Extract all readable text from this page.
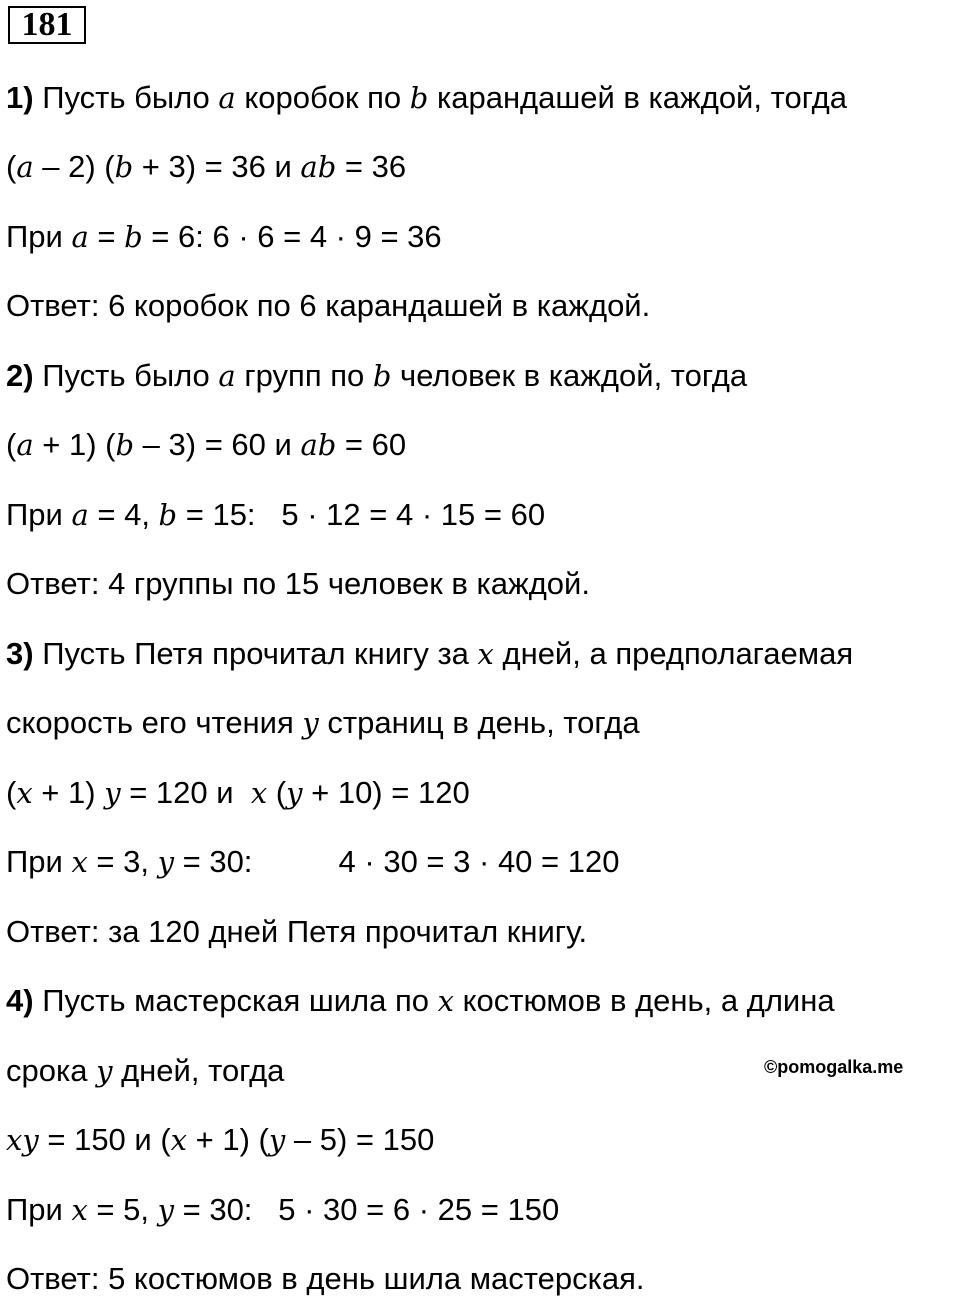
181
1) Пусть было 𝑎 коробок по 𝑏 карандашей в каждой, тогда
(𝑎 – 2) (𝑏 + 3) = 36 и 𝑎𝑏 = 36
При 𝑎 = 𝑏 = 6: 6 · 6 = 4 · 9 = 36
Ответ: 6 коробок по 6 карандашей в каждой.
2) Пусть было 𝑎 групп по 𝑏 человек в каждой, тогда
(𝑎 + 1) (𝑏 – 3) = 60 и 𝑎𝑏 = 60
При 𝑎 = 4, 𝑏 = 15:   5 · 12 = 4 · 15 = 60
Ответ: 4 группы по 15 человек в каждой.
3) Пусть Петя прочитал книгу за 𝑥 дней, а предполагаемая
скорость его чтения 𝑦 страниц в день, тогда
(𝑥 + 1) 𝑦 = 120 и  𝑥 (𝑦 + 10) = 120
При 𝑥 = 3, 𝑦 = 30:          4 · 30 = 3 · 40 = 120
Ответ: за 120 дней Петя прочитал книгу.
4) Пусть мастерская шила по 𝑥 костюмов в день, а длина
срока 𝑦 дней, тогда	©pomogalka.me
𝑥𝑦 = 150 и (𝑥 + 1) (𝑦 – 5) = 150
При 𝑥 = 5, 𝑦 = 30:   5 · 30 = 6 · 25 = 150
Ответ: 5 костюмов в день шила мастерская.
